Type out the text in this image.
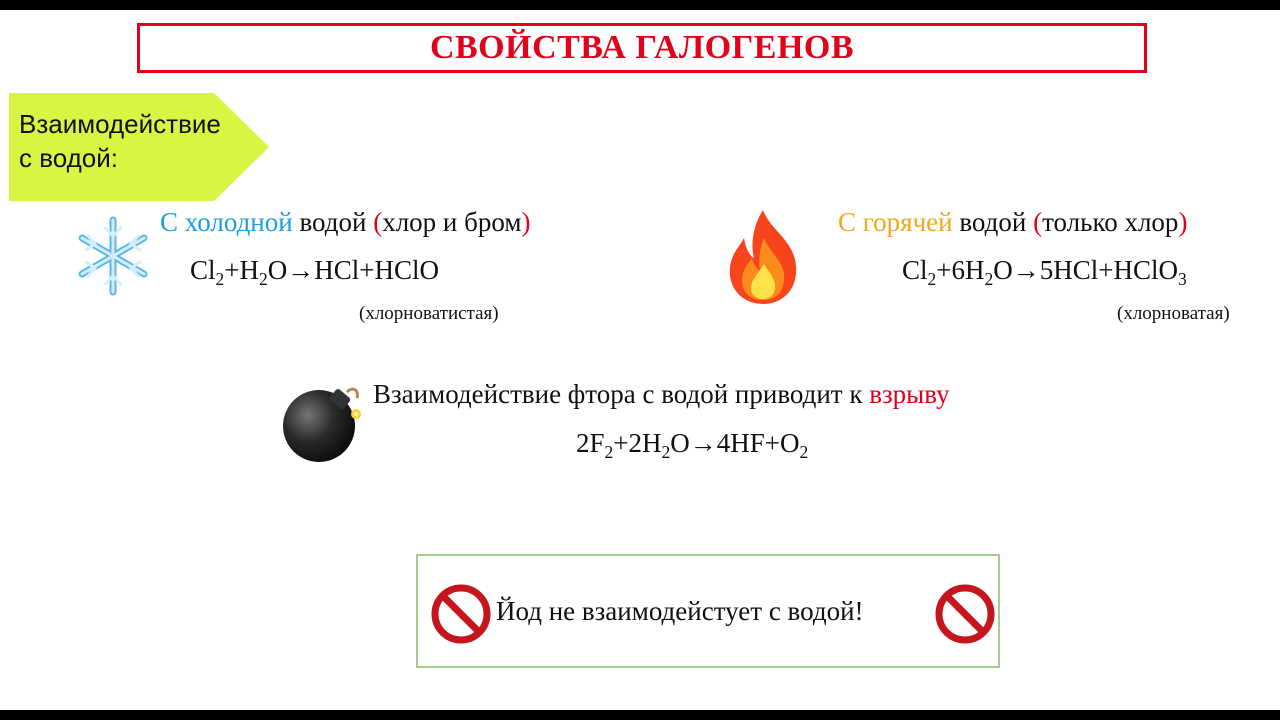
СВОЙСТВА ГАЛОГЕНОВ
Взаимодействие
с водой:
С холодной водой (хлор и бром)
$Cl_2+H_2O\to HCl+HClO$
(хлорноватистая)
С горячей водой (только хлор)
$Cl_2+6H_2O\to 5HCl+HClO_3$
(хлорноватая)
Взаимодействие фтора с водой приводит к взрыву
$2F_2+2H_2O\to 4HF+O_2$
Йод не взаимодейстует с водой!
